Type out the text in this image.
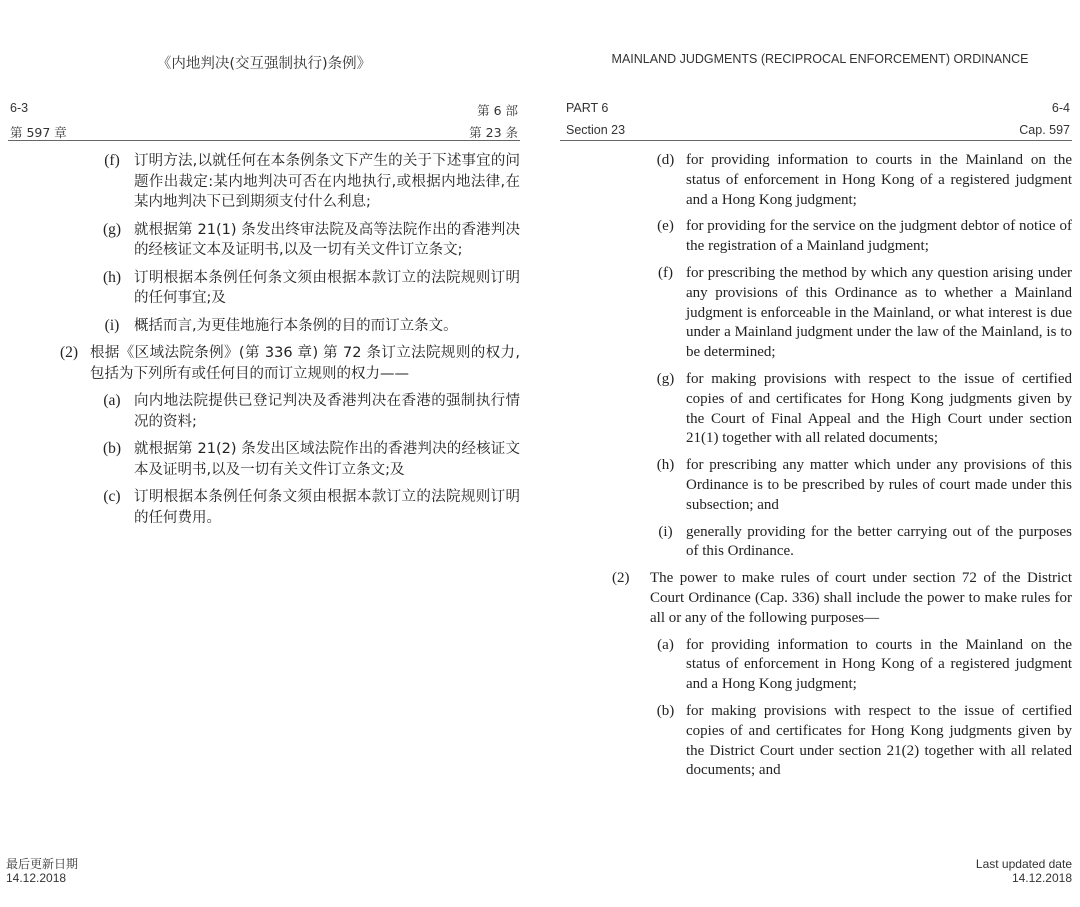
《内地判决(交互强制执行)条例》
6-3	第 6 部
第 597 章	第 23 条
(f) 订明方法,以就任何在本条例条文下产生的关于下述事宜的问题作出裁定:某内地判决可否在内地执行,或根据内地法律,在某内地判决下已到期须支付什么利息;
(g) 就根据第 21(1) 条发出终审法院及高等法院作出的香港判决的经核证文本及证明书,以及一切有关文件订立条文;
(h) 订明根据本条例任何条文须由根据本款订立的法院规则订明的任何事宜;及
(i)	概括而言,为更佳地施行本条例的目的而订立条文。
(2) 根据《区域法院条例》(第 336 章) 第 72 条订立法院规则的权力,包括为下列所有或任何目的而订立规则的权力——
(a) 向内地法院提供已登记判决及香港判决在香港的强制执行情况的资料;
(b) 就根据第 21(2) 条发出区域法院作出的香港判决的经核证文本及证明书,以及一切有关文件订立条文;及
(c) 订明根据本条例任何条文须由根据本款订立的法院规则订明的任何费用。
最后更新日期
14.12.2018
MAINLAND JUDGMENTS (RECIPROCAL ENFORCEMENT) ORDINANCE
PART 6	6-4
Section 23	Cap. 597
(d) for providing information to courts in the Mainland on the status of enforcement in Hong Kong of a registered judgment and a Hong Kong judgment;
(e) for providing for the service on the judgment debtor of notice of the registration of a Mainland judgment;
(f) for prescribing the method by which any question arising under any provisions of this Ordinance as to whether a Mainland judgment is enforceable in the Mainland, or what interest is due under a Mainland judgment under the law of the Mainland, is to be determined;
(g) for making provisions with respect to the issue of certified copies of and certificates for Hong Kong judgments given by the Court of Final Appeal and the High Court under section 21(1) together with all related documents;
(h) for prescribing any matter which under any provisions of this Ordinance is to be prescribed by rules of court made under this subsection; and
(i) generally providing for the better carrying out of the purposes of this Ordinance.
(2)	The power to make rules of court under section 72 of the District Court Ordinance (Cap. 336) shall include the power to make rules for all or any of the following purposes—
(a) for providing information to courts in the Mainland on the status of enforcement in Hong Kong of a registered judgment and a Hong Kong judgment;
(b) for making provisions with respect to the issue of certified copies of and certificates for Hong Kong judgments given by the District Court under section 21(2) together with all related documents; and
Last updated date
14.12.2018
